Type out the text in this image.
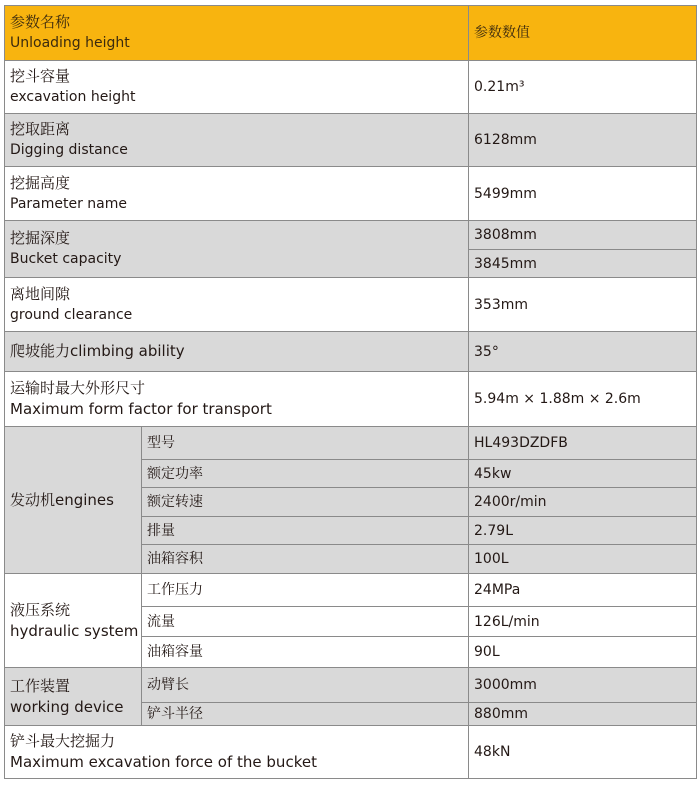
参数名称
Unloading height		参数数值

挖斗容量
excavation height		0.21m³

挖取距离
Digging distance		6128mm

挖掘高度
Parameter name		5499mm

挖掘深度
Bucket capacity		3808mm
		3845mm

离地间隙
ground clearance		353mm

爬坡能力climbing ability		35°

运输时最大外形尺寸
Maximum form factor for transport		5.94m × 1.88m × 2.6m

发动机engines	型号	HL493DZDFB
	额定功率	45kw
	额定转速	2400r/min
	排量	2.79L
	油箱容积	100L

液压系统
hydraulic system	工作压力	24MPa
	流量	126L/min
	油箱容量	90L

工作装置
working device	动臂长	3000mm
	铲斗半径	880mm

铲斗最大挖掘力
Maximum excavation force of the bucket		48kN
